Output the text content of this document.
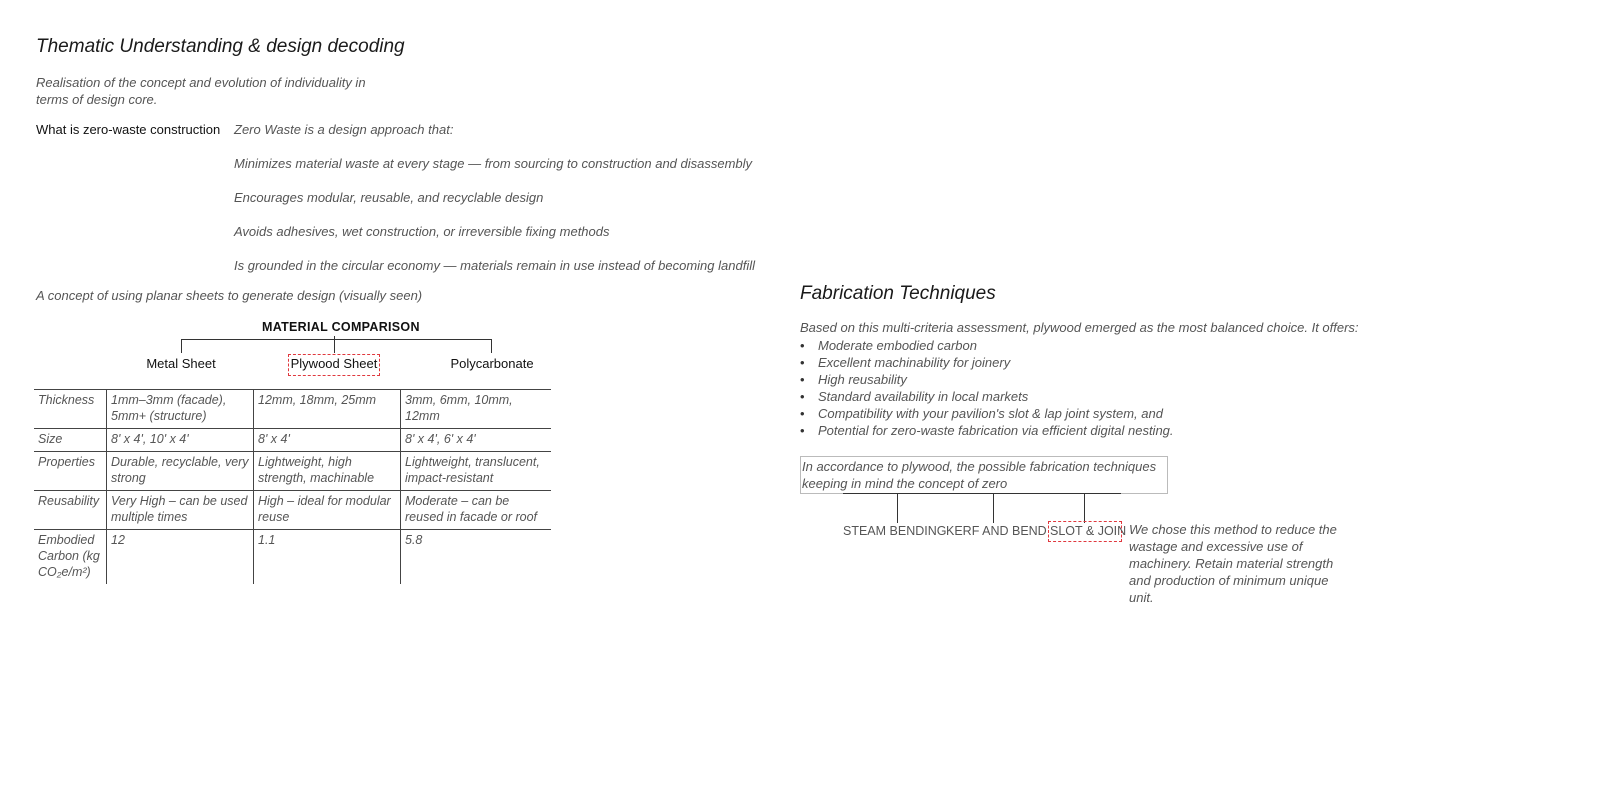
Thematic Understanding & design decoding
Realisation of the concept and evolution of individuality in terms of design core.
What is zero-waste construction Zero Waste is a design approach that:
Minimizes material waste at every stage — from sourcing to construction and disassembly
Encourages modular, reusable, and recyclable design
Avoids adhesives, wet construction, or irreversible fixing methods
Is grounded in the circular economy — materials remain in use instead of becoming landfill
A concept of using planar sheets to generate design (visually seen)
MATERIAL COMPARISON
Metal Sheet	Plywood Sheet	Polycarbonate
Thickness	1mm–3mm (facade), 5mm+ (structure)	12mm, 18mm, 25mm	3mm, 6mm, 10mm, 12mm
Size	8' x 4', 10' x 4'	8' x 4'	8' x 4', 6' x 4'
Properties	Durable, recyclable, very strong	Lightweight, high strength, machinable	Lightweight, translucent, impact-resistant
Reusability	Very High – can be used multiple times	High – ideal for modular reuse	Moderate – can be reused in facade or roof
Embodied Carbon (kg CO₂e/m²)	12	1.1	5.8
Fabrication Techniques
Based on this multi-criteria assessment, plywood emerged as the most balanced choice. It offers:
• Moderate embodied carbon
• Excellent machinability for joinery
• High reusability
• Standard availability in local markets
• Compatibility with your pavilion's slot & lap joint system, and
• Potential for zero-waste fabrication via efficient digital nesting.
In accordance to plywood, the possible fabrication techniques keeping in mind the concept of zero
STEAM BENDING KERF AND BEND SLOT & JOIN We chose this method to reduce the wastage and excessive use of machinery. Retain material strength and production of minimum unique unit.
